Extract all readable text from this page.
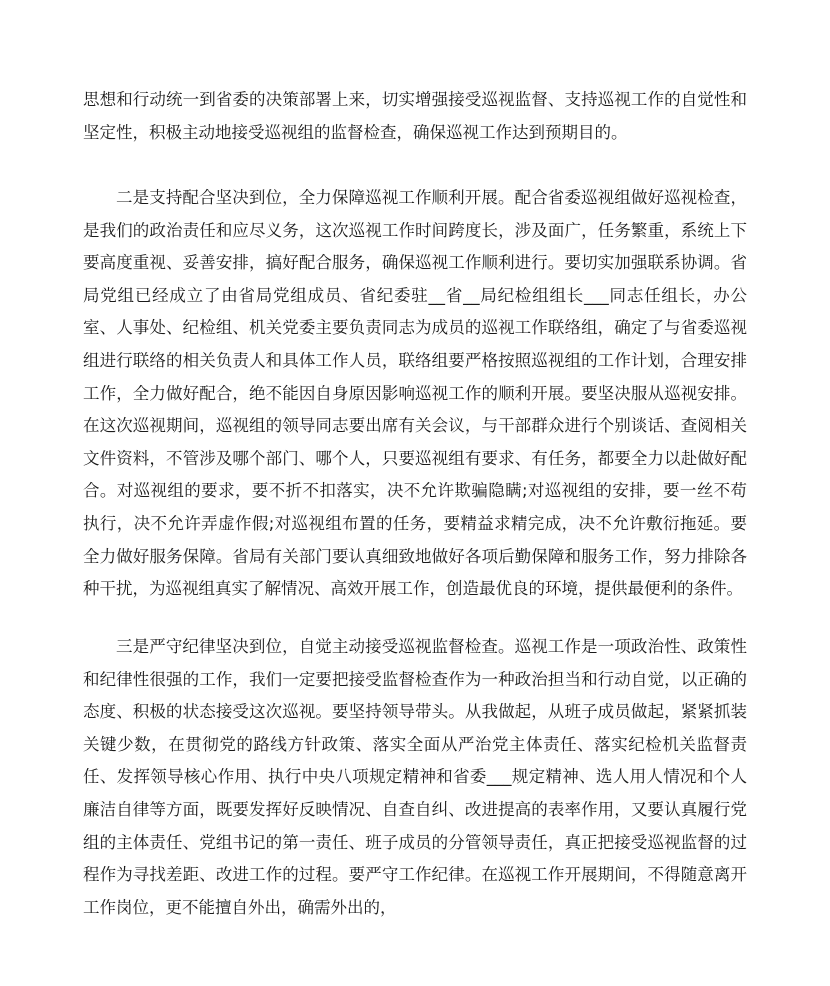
思想和行动统一到省委的决策部署上来，切实增强接受巡视监督、支持巡视工作的自觉性和坚定性，积极主动地接受巡视组的监督检查，确保巡视工作达到预期目的。

二是支持配合坚决到位，全力保障巡视工作顺利开展。配合省委巡视组做好巡视检查，是我们的政治责任和应尽义务，这次巡视工作时间跨度长，涉及面广，任务繁重，系统上下要高度重视、妥善安排，搞好配合服务，确保巡视工作顺利进行。要切实加强联系协调。省局党组已经成立了由省局党组成员、省纪委驻__省__局纪检组组长___同志任组长，办公室、人事处、纪检组、机关党委主要负责同志为成员的巡视工作联络组，确定了与省委巡视组进行联络的相关负责人和具体工作人员，联络组要严格按照巡视组的工作计划，合理安排工作，全力做好配合，绝不能因自身原因影响巡视工作的顺利开展。要坚决服从巡视安排。在这次巡视期间，巡视组的领导同志要出席有关会议，与干部群众进行个别谈话、查阅相关文件资料，不管涉及哪个部门、哪个人，只要巡视组有要求、有任务，都要全力以赴做好配合。对巡视组的要求，要不折不扣落实，决不允许欺骗隐瞒;对巡视组的安排，要一丝不苟执行，决不允许弄虚作假;对巡视组布置的任务，要精益求精完成，决不允许敷衍拖延。要全力做好服务保障。省局有关部门要认真细致地做好各项后勤保障和服务工作，努力排除各种干扰，为巡视组真实了解情况、高效开展工作，创造最优良的环境，提供最便利的条件。

三是严守纪律坚决到位，自觉主动接受巡视监督检查。巡视工作是一项政治性、政策性和纪律性很强的工作，我们一定要把接受监督检查作为一种政治担当和行动自觉，以正确的态度、积极的状态接受这次巡视。要坚持领导带头。从我做起，从班子成员做起，紧紧抓装关键少数，在贯彻党的路线方针政策、落实全面从严治党主体责任、落实纪检机关监督责任、发挥领导核心作用、执行中央八项规定精神和省委___规定精神、选人用人情况和个人廉洁自律等方面，既要发挥好反映情况、自查自纠、改进提高的表率作用，又要认真履行党组的主体责任、党组书记的第一责任、班子成员的分管领导责任，真正把接受巡视监督的过程作为寻找差距、改进工作的过程。要严守工作纪律。在巡视工作开展期间，不得随意离开工作岗位，更不能擅自外出，确需外出的，
